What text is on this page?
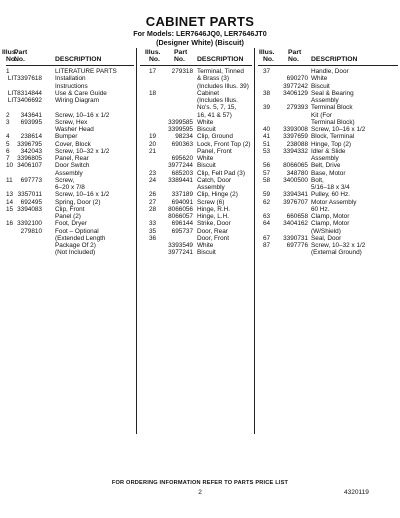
CABINET PARTS
For Models: LER7646JQ0, LER7646JT0
(Designer White) (Biscuit)
Illus.
No.
Part
No.	DESCRIPTION
1	LITERATURE PARTS
LIT3397618 Installation
Instructions
LIT8314844 Use & Care Guide
LIT3406692 Wiring Diagram
2	343641 Screw, 10–16 x 1/2
3	693995 Screw, Hex
Washer Head
4	238614 Bumper
5	3396795 Cover, Block
6	342043 Screw, 10–32 x 1/2
7	3396805 Panel, Rear
10 3406107 Door Switch
Assembly
11	697773 Screw,
6–20 x 7/8
13 3357011 Screw, 10–16 x 1/2
14	692495 Spring, Door (2)
15 3394083 Clip, Front
Panel (2)
16 3392100 Foot, Dryer
279810 Foot – Optional
(Extended Length
Package Of 2)
(Not Included)
Illus.
No.
Part
No. DESCRIPTION
17	279318 Terminal, Tinned
& Brass (3)
(Includes Illus. 39)
18	Cabinet
(Includes Illus.
No's. 5, 7, 15,
16, 41 & 57)
3399585 White
3399595 Biscuit
19	98234 Clip, Ground
20	690363 Lock, Front Top (2)
21	Panel, Front
695620 White
3977244 Biscuit
23	685203 Clip, Felt Pad (3)
24	3389441 Catch, Door
Assembly
26	337189 Clip, Hinge (2)
27	694091 Screw (6)
28	8066056 Hinge, R.H.
8066057 Hinge, L.H.
33	696144 Strike, Door
35	695737 Door, Rear
36	Door, Front
3393549 White
3977241 Biscuit
Illus.
No.
Part
No. DESCRIPTION
37	Handle, Door
690270 White
3977242 Biscuit
38	3406129 Seal & Bearing
Assembly
39	279393 Terminal Block
Kit (For
Terminal Block)
40	3393008 Screw, 10–16 x 1/2
41	3397659 Block, Terminal
51	238088 Hinge, Top (2)
53	3394332 Idler & Slide
Assembly
56	8066065 Belt, Drive
57	348780 Base, Motor
58	3400500 Bolt,
5/16–18 x 3/4
59	3394341 Pulley, 60 Hz.
62	3976707 Motor Assembly
60 Hz.
63	660658 Clamp, Motor
64	3404162 Clamp, Motor
(W/Shield)
67	3390731 Seal, Door
87	697776 Screw, 10–32 x 1/2
(External Ground)
FOR ORDERING INFORMATION REFER TO PARTS PRICE LIST
2	4320119
